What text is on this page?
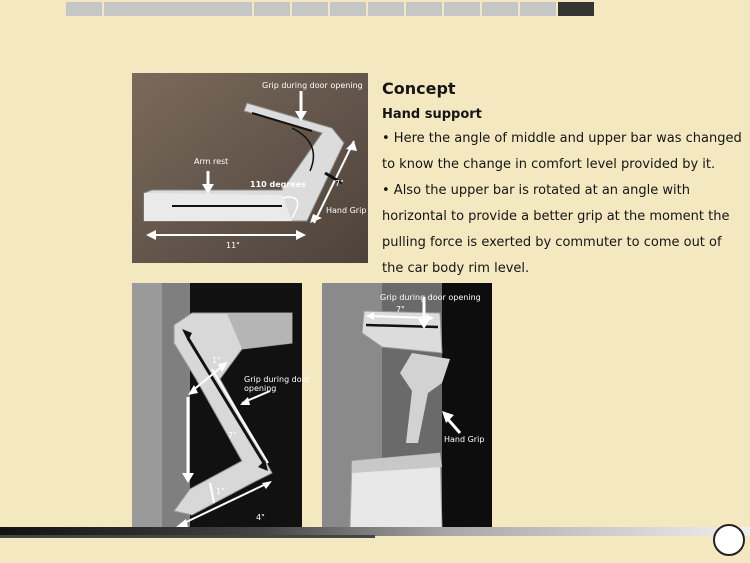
Concept
Hand support

• Here the angle of middle and upper bar was changed to know the change in comfort level provided by it.

• Also the upper bar is rotated at an angle with horizontal to provide a better grip at the moment the pulling force is exerted by commuter to come out of the car body rim level.

Grip during door opening
Arm rest
110 degrees	7"
Hand Grip
11"
1"
Grip during door
opening
7"
1"
4"
Grip during door opening
7"
Hand Grip
